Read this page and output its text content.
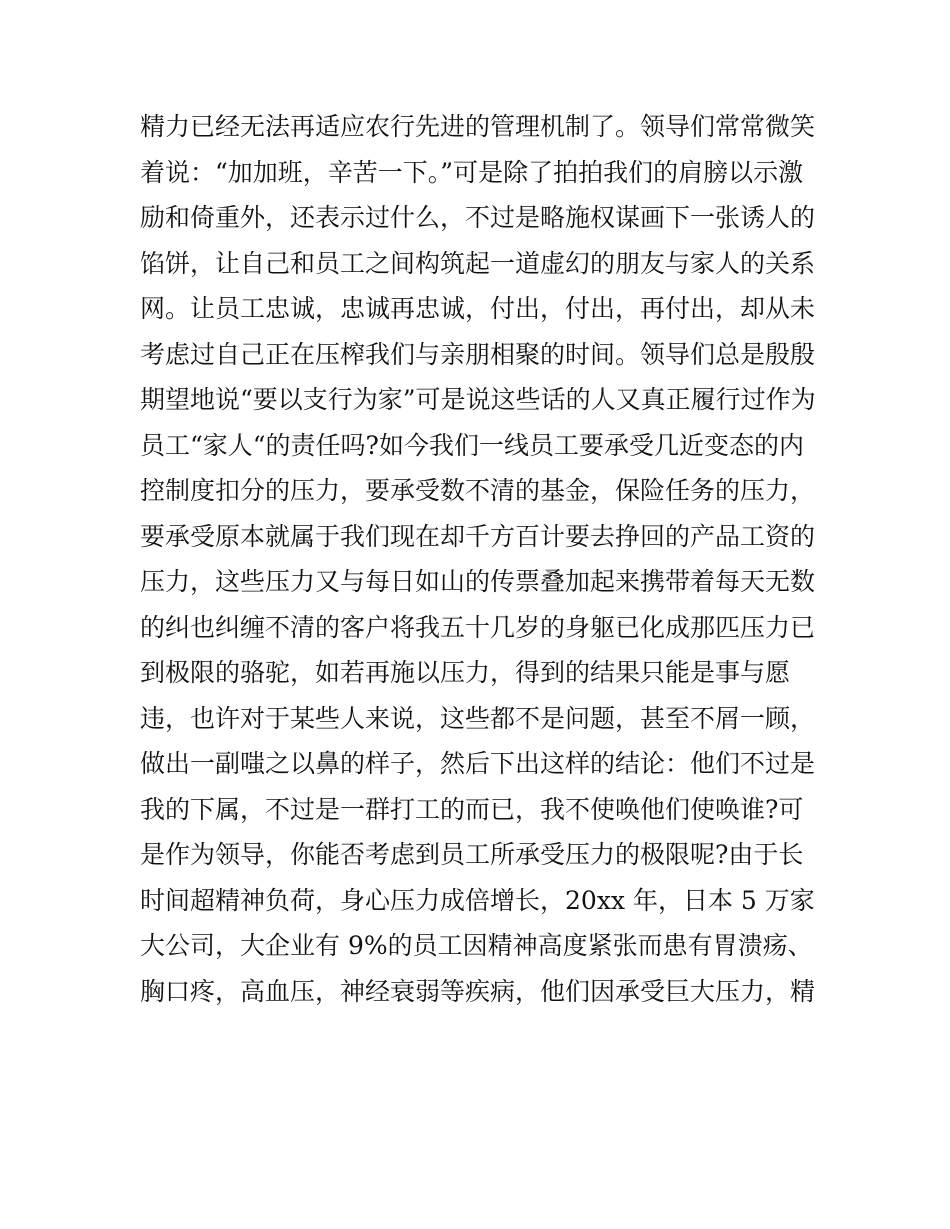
精力已经无法再适应农行先进的管理机制了。领导们常常微笑
着说：“加加班，辛苦一下。”可是除了拍拍我们的肩膀以示激
励和倚重外，还表示过什么，不过是略施权谋画下一张诱人的
馅饼，让自己和员工之间构筑起一道虚幻的朋友与家人的关系
网。让员工忠诚，忠诚再忠诚，付出，付出，再付出，却从未
考虑过自己正在压榨我们与亲朋相聚的时间。领导们总是殷殷
期望地说“要以支行为家”可是说这些话的人又真正履行过作为
员工“家人“的责任吗?如今我们一线员工要承受几近变态的内
控制度扣分的压力，要承受数不清的基金，保险任务的压力，
要承受原本就属于我们现在却千方百计要去挣回的产品工资的
压力，这些压力又与每日如山的传票叠加起来携带着每天无数
的纠也纠缠不清的客户将我五十几岁的身躯已化成那匹压力已
到极限的骆驼，如若再施以压力，得到的结果只能是事与愿
违，也许对于某些人来说，这些都不是问题，甚至不屑一顾，
做出一副嗤之以鼻的样子，然后下出这样的结论：他们不过是
我的下属，不过是一群打工的而已，我不使唤他们使唤谁?可
是作为领导，你能否考虑到员工所承受压力的极限呢?由于长
时间超精神负荷，身心压力成倍增长，20xx 年，日本 5 万家
大公司，大企业有 9%的员工因精神高度紧张而患有胃溃疡、
胸口疼，高血压，神经衰弱等疾病，他们因承受巨大压力，精
